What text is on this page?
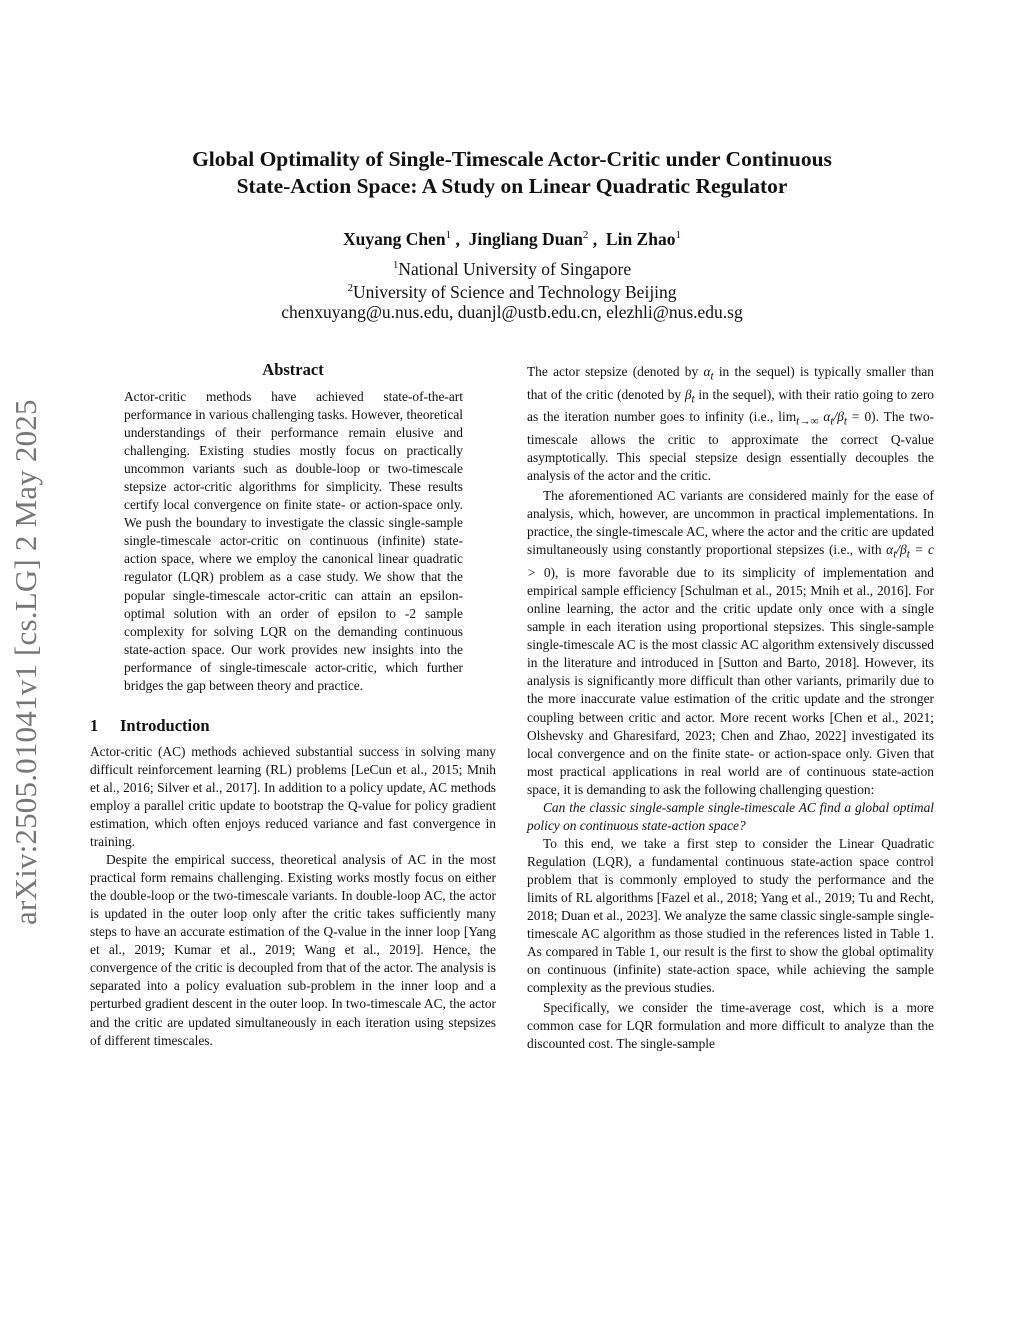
arXiv:2505.01041v1 [cs.LG] 2 May 2025
Global Optimality of Single-Timescale Actor-Critic under Continuous
State-Action Space: A Study on Linear Quadratic Regulator
Xuyang Chen$^1$ ,  Jingliang Duan$^2$ ,  Lin Zhao$^1$
$^1$National University of Singapore
$^2$University of Science and Technology Beijing
chenxuyang@u.nus.edu, duanjl@ustb.edu.cn, elezhli@nus.edu.sg
Abstract

Actor-critic methods have achieved state-of-the-art performance in various challenging tasks. However, theoretical understandings of their performance remain elusive and challenging. Existing studies mostly focus on practically uncommon variants such as double-loop or two-timescale stepsize actor-critic algorithms for simplicity. These results certify local convergence on finite state- or action-space only. We push the boundary to investigate the classic single-sample single-timescale actor-critic on continuous (infinite) state-action space, where we employ the canonical linear quadratic regulator (LQR) problem as a case study. We show that the popular single-timescale actor-critic can attain an epsilon-optimal solution with an order of epsilon to -2 sample complexity for solving LQR on the demanding continuous state-action space. Our work provides new insights into the performance of single-timescale actor-critic, which further bridges the gap between theory and practice.

1 Introduction

Actor-critic (AC) methods achieved substantial success in solving many difficult reinforcement learning (RL) problems [LeCun et al., 2015; Mnih et al., 2016; Silver et al., 2017]. In addition to a policy update, AC methods employ a parallel critic update to bootstrap the Q-value for policy gradient estimation, which often enjoys reduced variance and fast convergence in training.

Despite the empirical success, theoretical analysis of AC in the most practical form remains challenging. Existing works mostly focus on either the double-loop or the two-timescale variants. In double-loop AC, the actor is updated in the outer loop only after the critic takes sufficiently many steps to have an accurate estimation of the Q-value in the inner loop [Yang et al., 2019; Kumar et al., 2019; Wang et al., 2019]. Hence, the convergence of the critic is decoupled from that of the actor. The analysis is separated into a policy evaluation sub-problem in the inner loop and a perturbed gradient descent in the outer loop. In two-timescale AC, the actor and the critic are updated simultaneously in each iteration using stepsizes of different timescales.

The actor stepsize (denoted by $\alpha_t$ in the sequel) is typically smaller than that of the critic (denoted by $\beta_t$ in the sequel), with their ratio going to zero as the iteration number goes to infinity (i.e., $\lim_{t\to\infty} \alpha_t/\beta_t = 0$). The two-timescale allows the critic to approximate the correct Q-value asymptotically. This special stepsize design essentially decouples the analysis of the actor and the critic.

The aforementioned AC variants are considered mainly for the ease of analysis, which, however, are uncommon in practical implementations. In practice, the single-timescale AC, where the actor and the critic are updated simultaneously using constantly proportional stepsizes (i.e., with $\alpha_t/\beta_t = c > 0$), is more favorable due to its simplicity of implementation and empirical sample efficiency [Schulman et al., 2015; Mnih et al., 2016]. For online learning, the actor and the critic update only once with a single sample in each iteration using proportional stepsizes. This single-sample single-timescale AC is the most classic AC algorithm extensively discussed in the literature and introduced in [Sutton and Barto, 2018]. However, its analysis is significantly more difficult than other variants, primarily due to the more inaccurate value estimation of the critic update and the stronger coupling between critic and actor. More recent works [Chen et al., 2021; Olshevsky and Gharesifard, 2023; Chen and Zhao, 2022] investigated its local convergence and on the finite state- or action-space only. Given that most practical applications in real world are of continuous state-action space, it is demanding to ask the following challenging question:

Can the classic single-sample single-timescale AC find a global optimal policy on continuous state-action space?

To this end, we take a first step to consider the Linear Quadratic Regulation (LQR), a fundamental continuous state-action space control problem that is commonly employed to study the performance and the limits of RL algorithms [Fazel et al., 2018; Yang et al., 2019; Tu and Recht, 2018; Duan et al., 2023]. We analyze the same classic single-sample single-timescale AC algorithm as those studied in the references listed in Table 1. As compared in Table 1, our result is the first to show the global optimality on continuous (infinite) state-action space, while achieving the sample complexity as the previous studies.

Specifically, we consider the time-average cost, which is a more common case for LQR formulation and more difficult to analyze than the discounted cost. The single-sample
